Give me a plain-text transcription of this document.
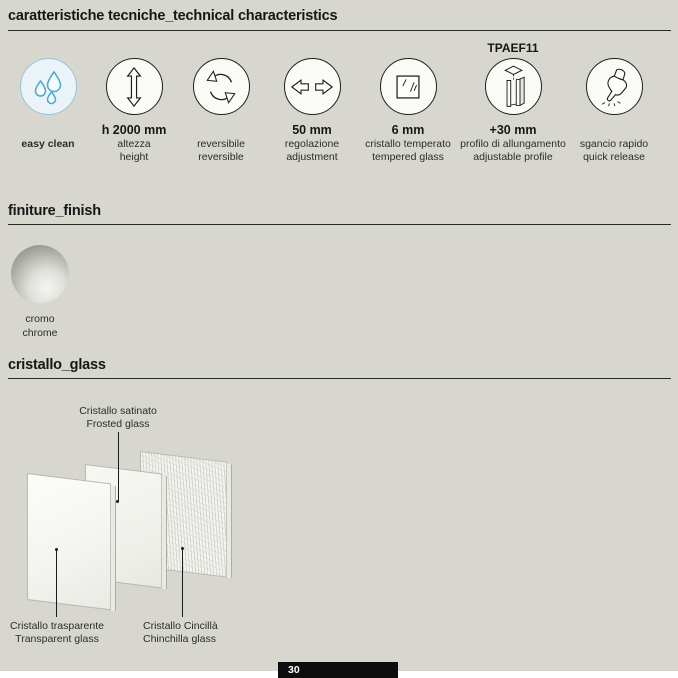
caratteristiche tecniche_technical characteristics
easy clean
h 2000 mm
altezza
height
reversibile
reversible
50 mm
regolazione
adjustment
6 mm
cristallo temperato
tempered glass
TPAEF11
+30 mm
profilo di allungamento
adjustable profile
sgancio rapido
quick release
finiture_finish
cromo
chrome
cristallo_glass
Cristallo satinato
Frosted glass
Cristallo trasparente
Transparent glass
Cristallo Cincillà
Chinchilla glass
30
